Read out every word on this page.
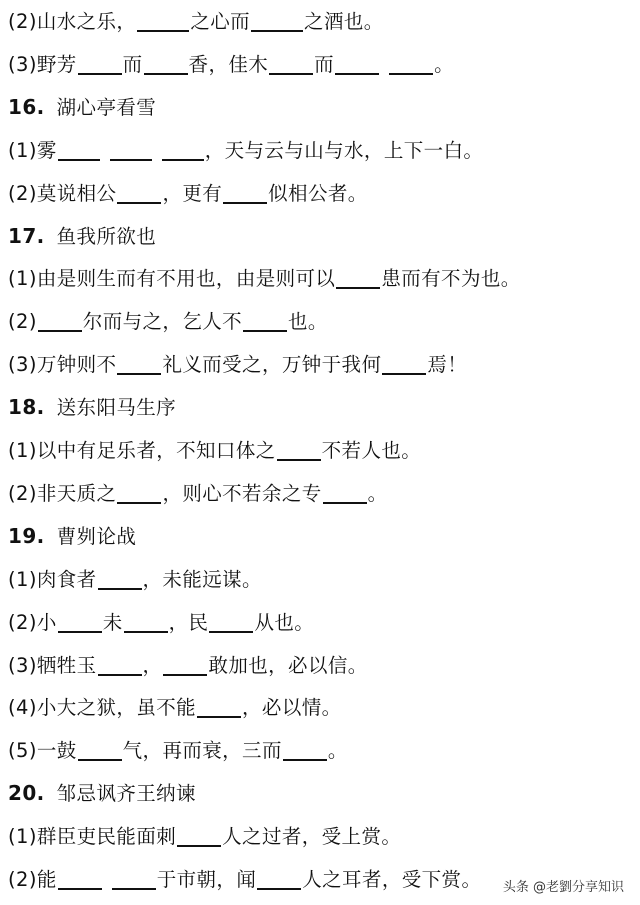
(2)山水之乐，	之心而	之酒也。
(3)野芳 而 香，佳木 而	。
16. 湖心亭看雪
(1)雾	，天与云与山与水，上下一白。
(2)莫说相公 ，更有 似相公者。
17. 鱼我所欲也
(1)由是则生而有不用也，由是则可以 患而有不为也。
(2) 尔而与之，乞人不 也。
(3)万钟则不 礼义而受之，万钟于我何 焉！
18. 送东阳马生序
(1)以中有足乐者，不知口体之 不若人也。
(2)非天质之 ，则心不若余之专 。
19. 曹刿论战
(1)肉食者 ，未能远谋。
(2)小 未 ，民 从也。
(3)牺牲玉 ， 敢加也，必以信。
(4)小大之狱，虽不能 ，必以情。
(5)一鼓 气，再而衰，三而 。
20. 邹忌讽齐王纳谏
(1)群臣吏民能面刺 人之过者，受上赏。
(2)能	于市朝，闻 人之耳者，受下赏。	头条 @老劉分享知识
